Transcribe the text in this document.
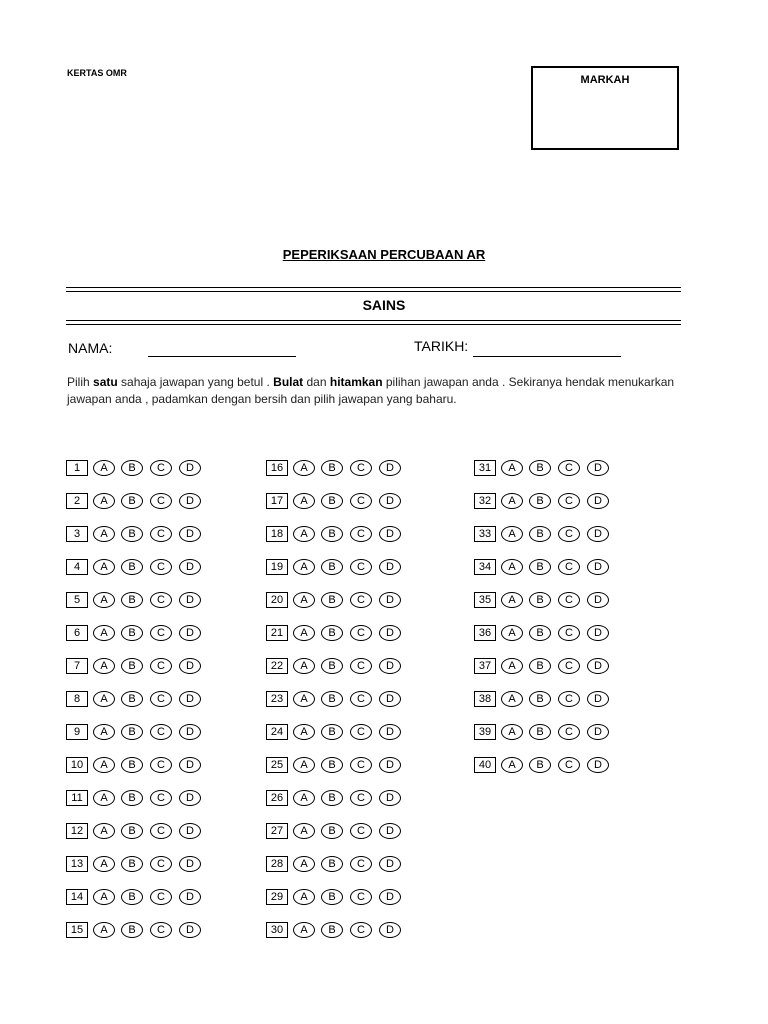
KERTAS OMR
MARKAH
PEPERIKSAAN PERCUBAAN AR
SAINS
NAMA:	TARIKH:
Pilih satu sahaja jawapan yang betul . Bulat dan hitamkan pilihan jawapan anda . Sekiranya hendak menukarkan jawapan anda , padamkan dengan bersih dan pilih jawapan yang baharu.
1	A	B	C	D
2	A	B	C	D
3	A	B	C	D
4	A	B	C	D
5	A	B	C	D
6	A	B	C	D
7	A	B	C	D
8	A	B	C	D
9	A	B	C	D
10	A	B	C	D
11	A	B	C	D
12	A	B	C	D
13	A	B	C	D
14	A	B	C	D
15	A	B	C	D
16	A	B	C	D
17	A	B	C	D
18	A	B	C	D
19	A	B	C	D
20	A	B	C	D
21	A	B	C	D
22	A	B	C	D
23	A	B	C	D
24	A	B	C	D
25	A	B	C	D
26	A	B	C	D
27	A	B	C	D
28	A	B	C	D
29	A	B	C	D
30	A	B	C	D
31	A	B	C	D
32	A	B	C	D
33	A	B	C	D
34	A	B	C	D
35	A	B	C	D
36	A	B	C	D
37	A	B	C	D
38	A	B	C	D
39	A	B	C	D
40	A	B	C	D
